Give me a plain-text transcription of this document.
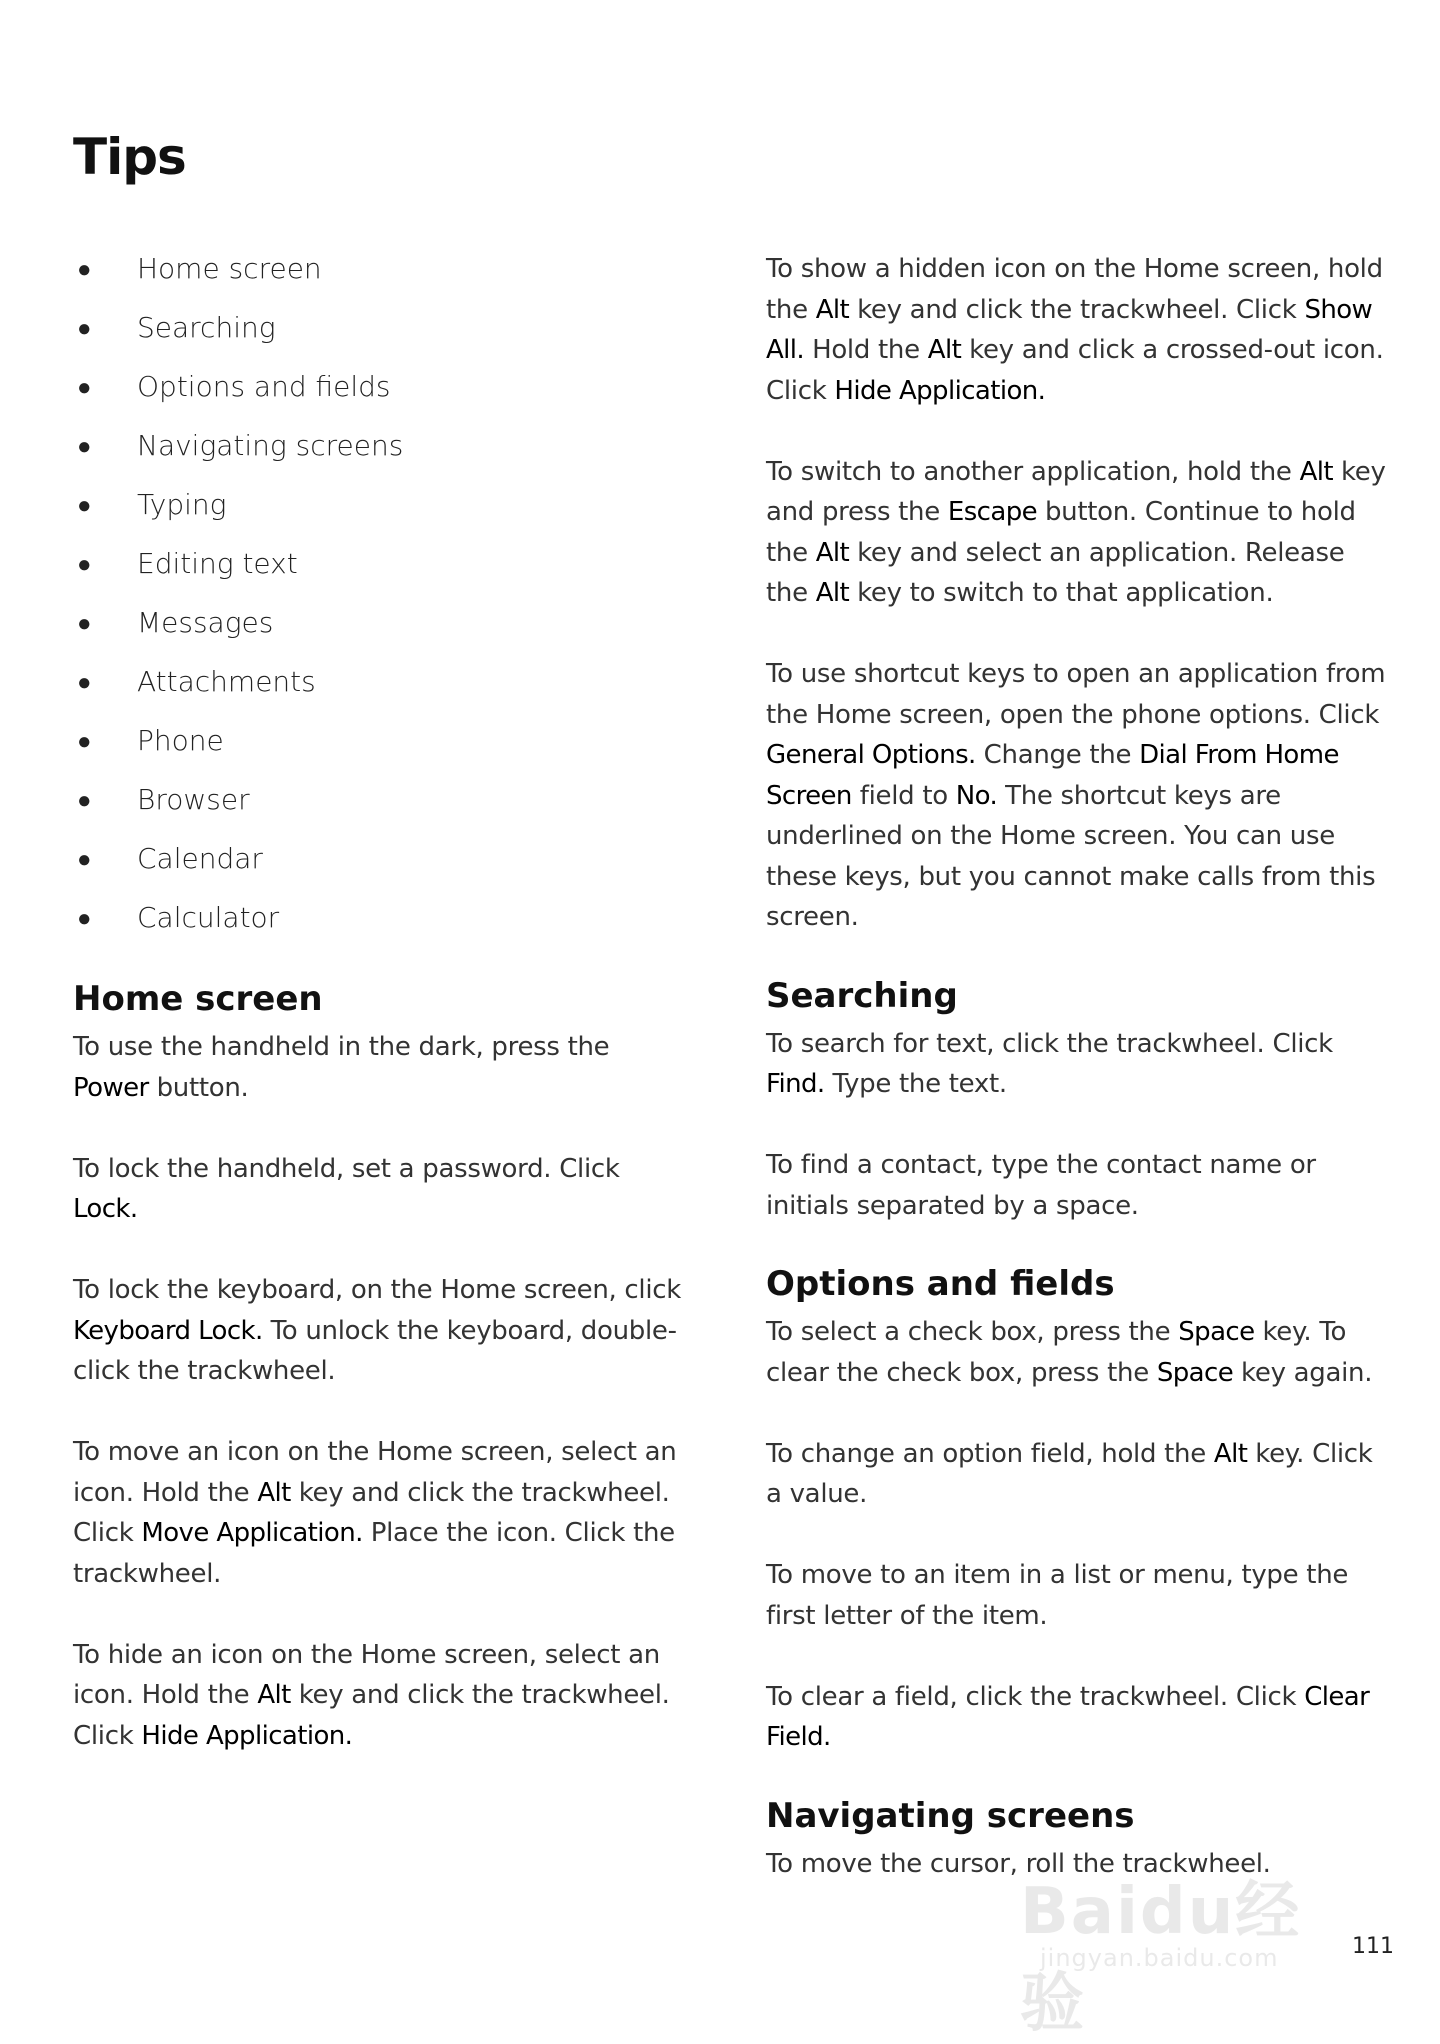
Tips
● Home screen
● Searching
● Options and fields
● Navigating screens
● Typing
● Editing text
● Messages
● Attachments
● Phone
● Browser
● Calendar
● Calculator
Home screen

To use the handheld in the dark, press the Power button.

To lock the handheld, set a password. Click Lock.

To lock the keyboard, on the Home screen, click Keyboard Lock. To unlock the keyboard, double-click the trackwheel.

To move an icon on the Home screen, select an icon. Hold the Alt key and click the trackwheel. Click Move Application. Place the icon. Click the trackwheel.

To hide an icon on the Home screen, select an icon. Hold the Alt key and click the trackwheel. Click Hide Application.

To show a hidden icon on the Home screen, hold the Alt key and click the trackwheel. Click Show All. Hold the Alt key and click a crossed-out icon. Click Hide Application.

To switch to another application, hold the Alt key and press the Escape button. Continue to hold the Alt key and select an application. Release the Alt key to switch to that application.

To use shortcut keys to open an application from the Home screen, open the phone options. Click General Options. Change the Dial From Home Screen field to No. The shortcut keys are underlined on the Home screen. You can use these keys, but you cannot make calls from this screen.

Searching

To search for text, click the trackwheel. Click Find. Type the text.

To find a contact, type the contact name or initials separated by a space.

Options and fields

To select a check box, press the Space key. To clear the check box, press the Space key again.

To change an option field, hold the Alt key. Click a value.

To move to an item in a list or menu, type the first letter of the item.

To clear a field, click the trackwheel. Click Clear Field.

Navigating screens

To move the cursor, roll the trackwheel.

Baidu经验
jingyan.baidu.com	111
